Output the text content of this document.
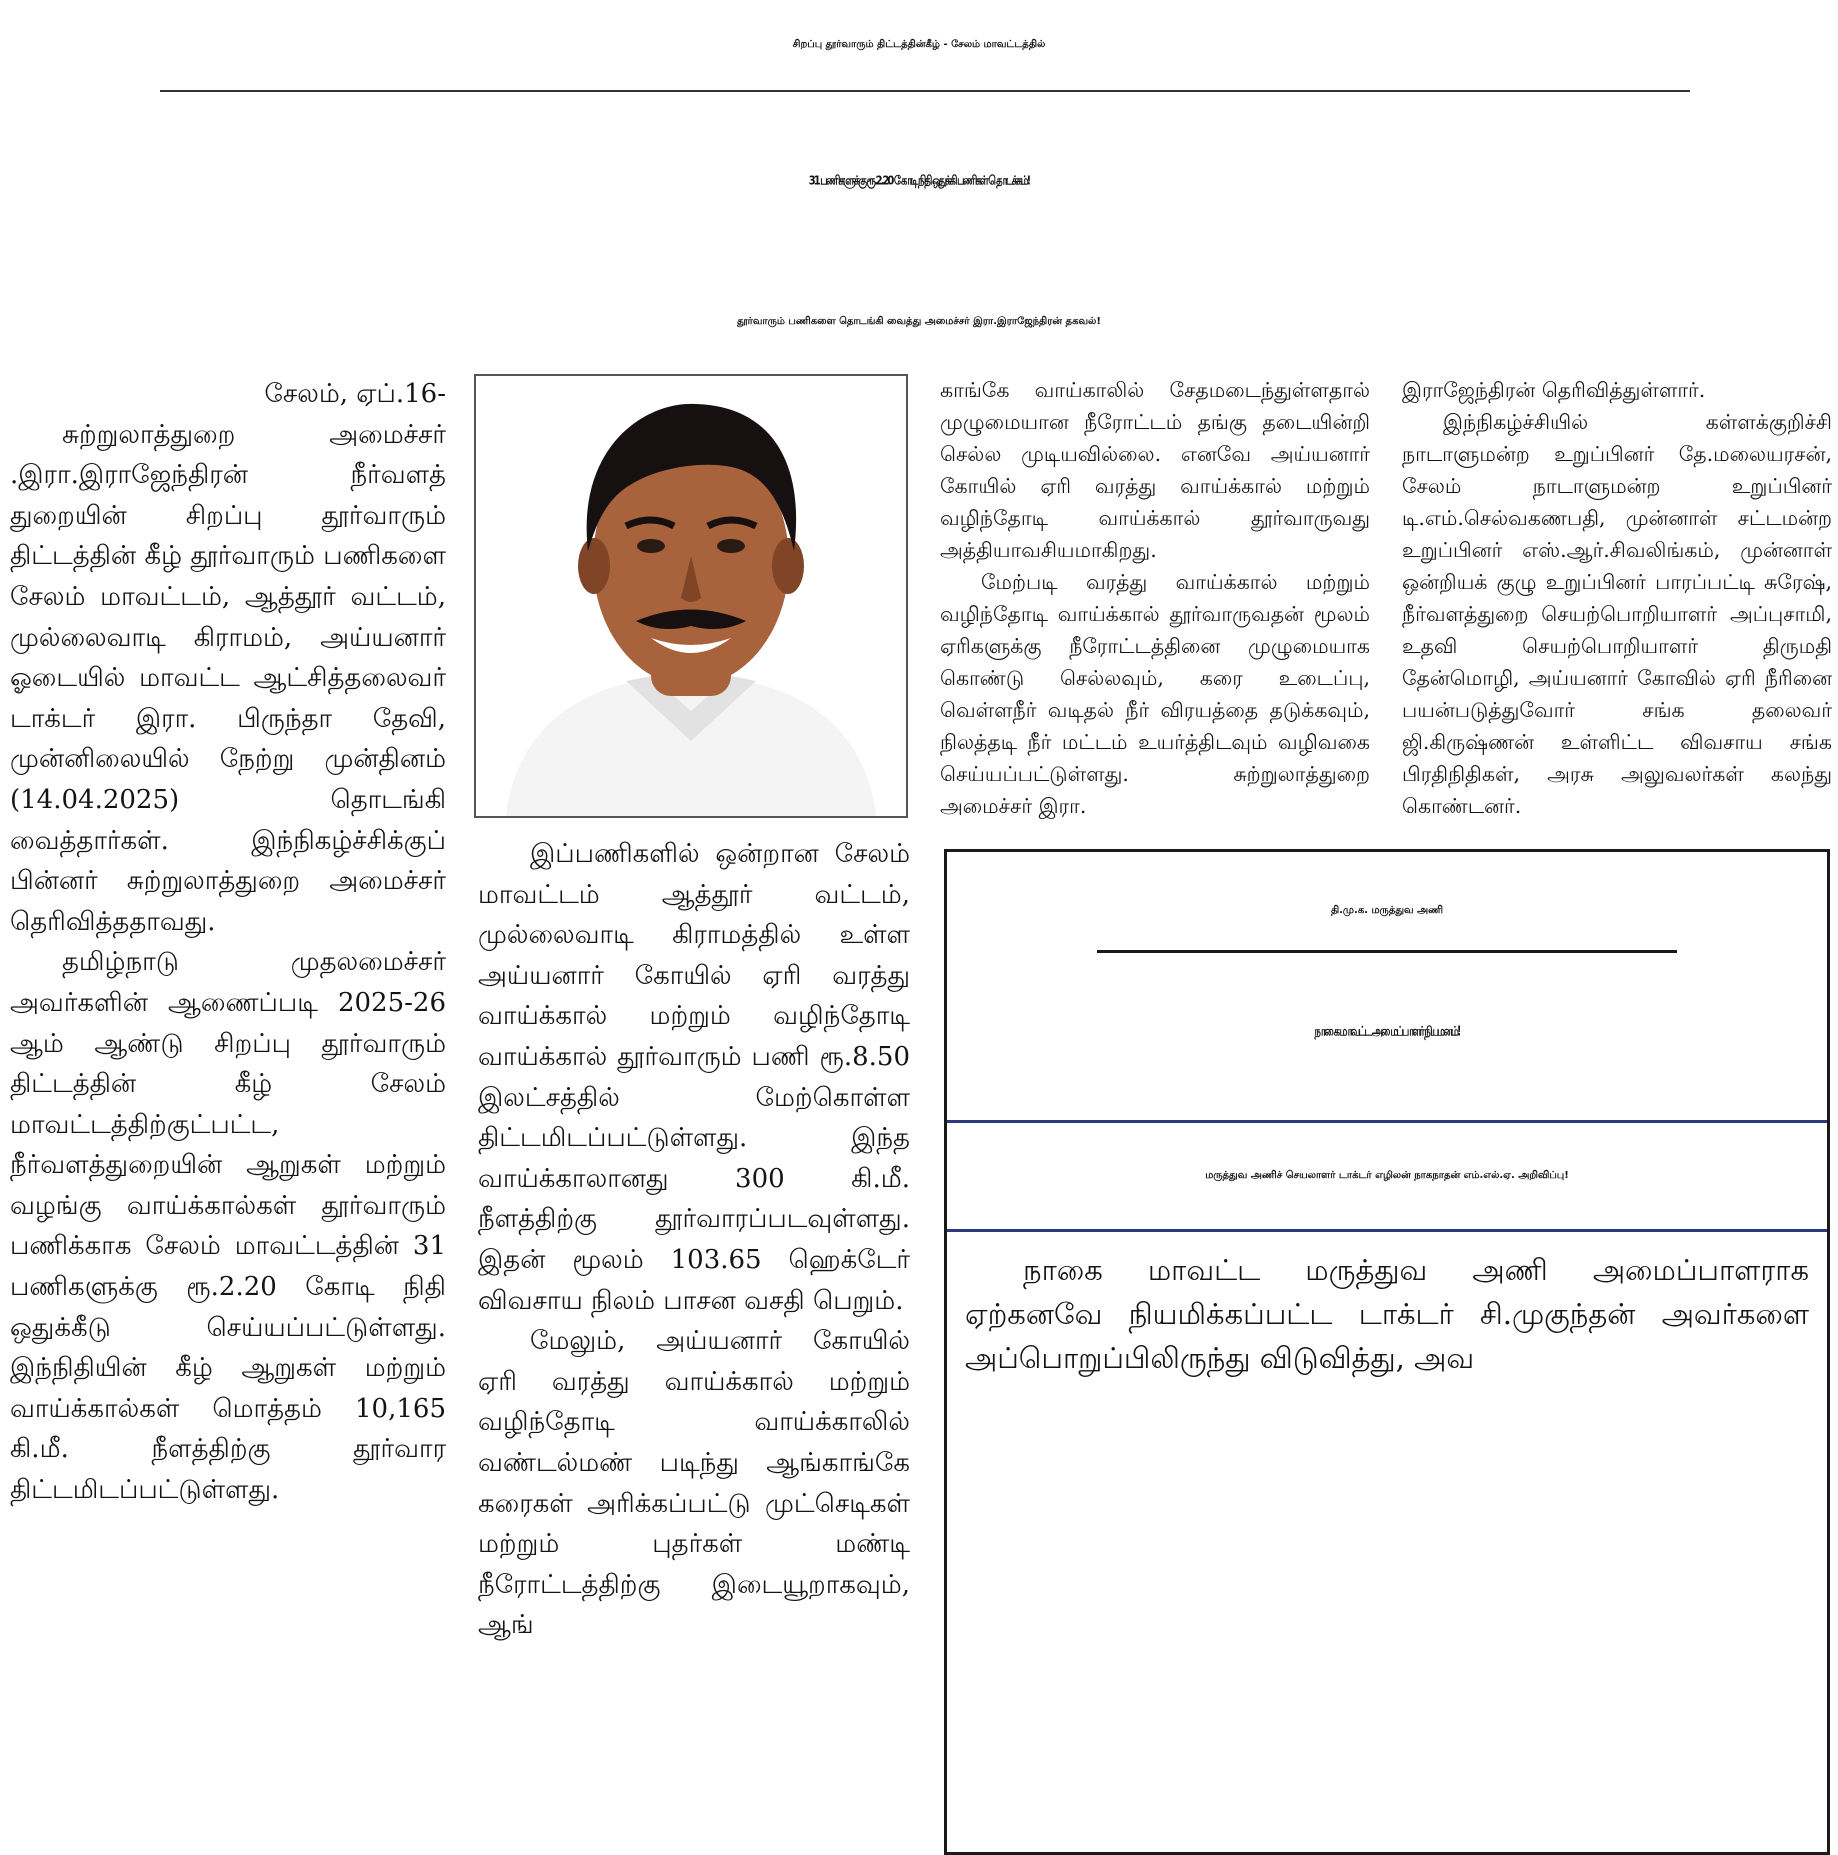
சிறப்பு தூர்வாரும் திட்டத்தின்கீழ் - சேலம் மாவட்டத்தில்
31 பணிகளுக்கு ரூ.2.20 கோடி நிதி ஒதுக்கி பணிகள் தொடக்கம்!
தூர்வாரும் பணிகளை தொடங்கி வைத்து அமைச்சர் இரா.இராஜேந்திரன் தகவல்!

சேலம், ஏப்.16-

சுற்றுலாத்துறை அமைச்சர் .இரா.இராஜேந்திரன் நீர்வளத் துறையின் சிறப்பு தூர்வாரும் திட்டத்தின் கீழ் தூர்வாரும் பணிகளை சேலம் மாவட்டம், ஆத்தூர் வட்டம், முல்லைவாடி கிராமம், அய்யனார் ஓடையில் மாவட்ட ஆட்சித்தலைவர் டாக்டர் இரா. பிருந்தா தேவி, முன்னிலையில் நேற்று முன்தினம் (14.04.2025) தொடங்கி வைத்தார்கள். இந்நிகழ்ச்சிக்குப் பின்னர் சுற்றுலாத்துறை அமைச்சர் தெரிவித்ததாவது.

தமிழ்நாடு முதலமைச்சர் அவர்களின் ஆணைப்படி 2025-26 ஆம் ஆண்டு சிறப்பு தூர்வாரும் திட்டத்தின் கீழ் சேலம் மாவட்டத்திற்குட்பட்ட, நீர்வளத்துறையின் ஆறுகள் மற்றும் வழங்கு வாய்க்கால்கள் தூர்வாரும் பணிக்காக சேலம் மாவட்டத்தின் 31 பணிகளுக்கு ரூ.2.20 கோடி நிதி ஒதுக்கீடு செய்யப்பட்டுள்ளது. இந்நிதியின் கீழ் ஆறுகள் மற்றும் வாய்க்கால்கள் மொத்தம் 10,165 கி.மீ. நீளத்திற்கு தூர்வார திட்டமிடப்பட்டுள்ளது.

இப்பணிகளில் ஒன்றான சேலம் மாவட்டம் ஆத்தூர் வட்டம், முல்லைவாடி கிராமத்தில் உள்ள அய்யனார் கோயில் ஏரி வரத்து வாய்க்கால் மற்றும் வழிந்தோடி வாய்க்கால் தூர்வாரும் பணி ரூ.8.50 இலட்சத்தில் மேற்கொள்ள திட்டமிடப்பட்டுள்ளது. இந்த வாய்க்காலானது 300 கி.மீ. நீளத்திற்கு தூர்வாரப்படவுள்ளது. இதன் மூலம் 103.65 ஹெக்டேர் விவசாய நிலம் பாசன வசதி பெறும்.

மேலும், அய்யனார் கோயில் ஏரி வரத்து வாய்க்கால் மற்றும் வழிந்தோடி வாய்க்காலில் வண்டல்மண் படிந்து ஆங்காங்கே கரைகள் அரிக்கப்பட்டு முட்செடிகள் மற்றும் புதர்கள் மண்டி நீரோட்டத்திற்கு இடையூறாகவும், ஆங்

காங்கே வாய்காலில் சேதமடைந்துள்ளதால் முழுமையான நீரோட்டம் தங்கு தடையின்றி செல்ல முடியவில்லை. எனவே அய்யனார் கோயில் ஏரி வரத்து வாய்க்கால் மற்றும் வழிந்தோடி வாய்க்கால் தூர்வாருவது அத்தியாவசியமாகிறது.

மேற்படி வரத்து வாய்க்கால் மற்றும் வழிந்தோடி வாய்க்கால் தூர்வாருவதன் மூலம் ஏரிகளுக்கு நீரோட்டத்தினை முழுமையாக கொண்டு செல்லவும், கரை உடைப்பு, வெள்ளநீர் வடிதல் நீர் விரயத்தை தடுக்கவும், நிலத்தடி நீர் மட்டம் உயர்த்திடவும் வழிவகை செய்யப்பட்டுள்ளது. சுற்றுலாத்துறை அமைச்சர் இரா.

இராஜேந்திரன் தெரிவித்துள்ளார்.

இந்நிகழ்ச்சியில் கள்ளக்குறிச்சி நாடாளுமன்ற உறுப்பினர் தே.மலையரசன், சேலம் நாடாளுமன்ற உறுப்பினர் டி.எம்.செல்வகணபதி, முன்னாள் சட்டமன்ற உறுப்பினர் எஸ்.ஆர்.சிவலிங்கம், முன்னாள் ஒன்றியக் குழு உறுப்பினர் பாரப்பட்டி சுரேஷ், நீர்வளத்துறை செயற்பொறியாளர் அப்புசாமி, உதவி செயற்பொறியாளர் திருமதி தேன்மொழி, அய்யனார் கோவில் ஏரி நீரினை பயன்படுத்துவோர் சங்க தலைவர் ஜி.கிருஷ்ணன் உள்ளிட்ட விவசாய சங்க பிரதிநிதிகள், அரசு அலுவலர்கள் கலந்து கொண்டனர்.

தி.மு.க. மருத்துவ அணி
நாகை மாவட்ட அமைப்பாளர் நியமனம்!
மருத்துவ அணிச் செயலாளர் டாக்டர் எழிலன் நாகநாதன் எம்.எல்.ஏ. அறிவிப்பு!

நாகை மாவட்ட மருத்துவ அணி அமைப்பாளராக ஏற்கனவே நியமிக்கப்பட்ட டாக்டர் சி.முகுந்தன் அவர்களை அப்பொறுப்பிலிருந்து விடுவித்து, அவ
